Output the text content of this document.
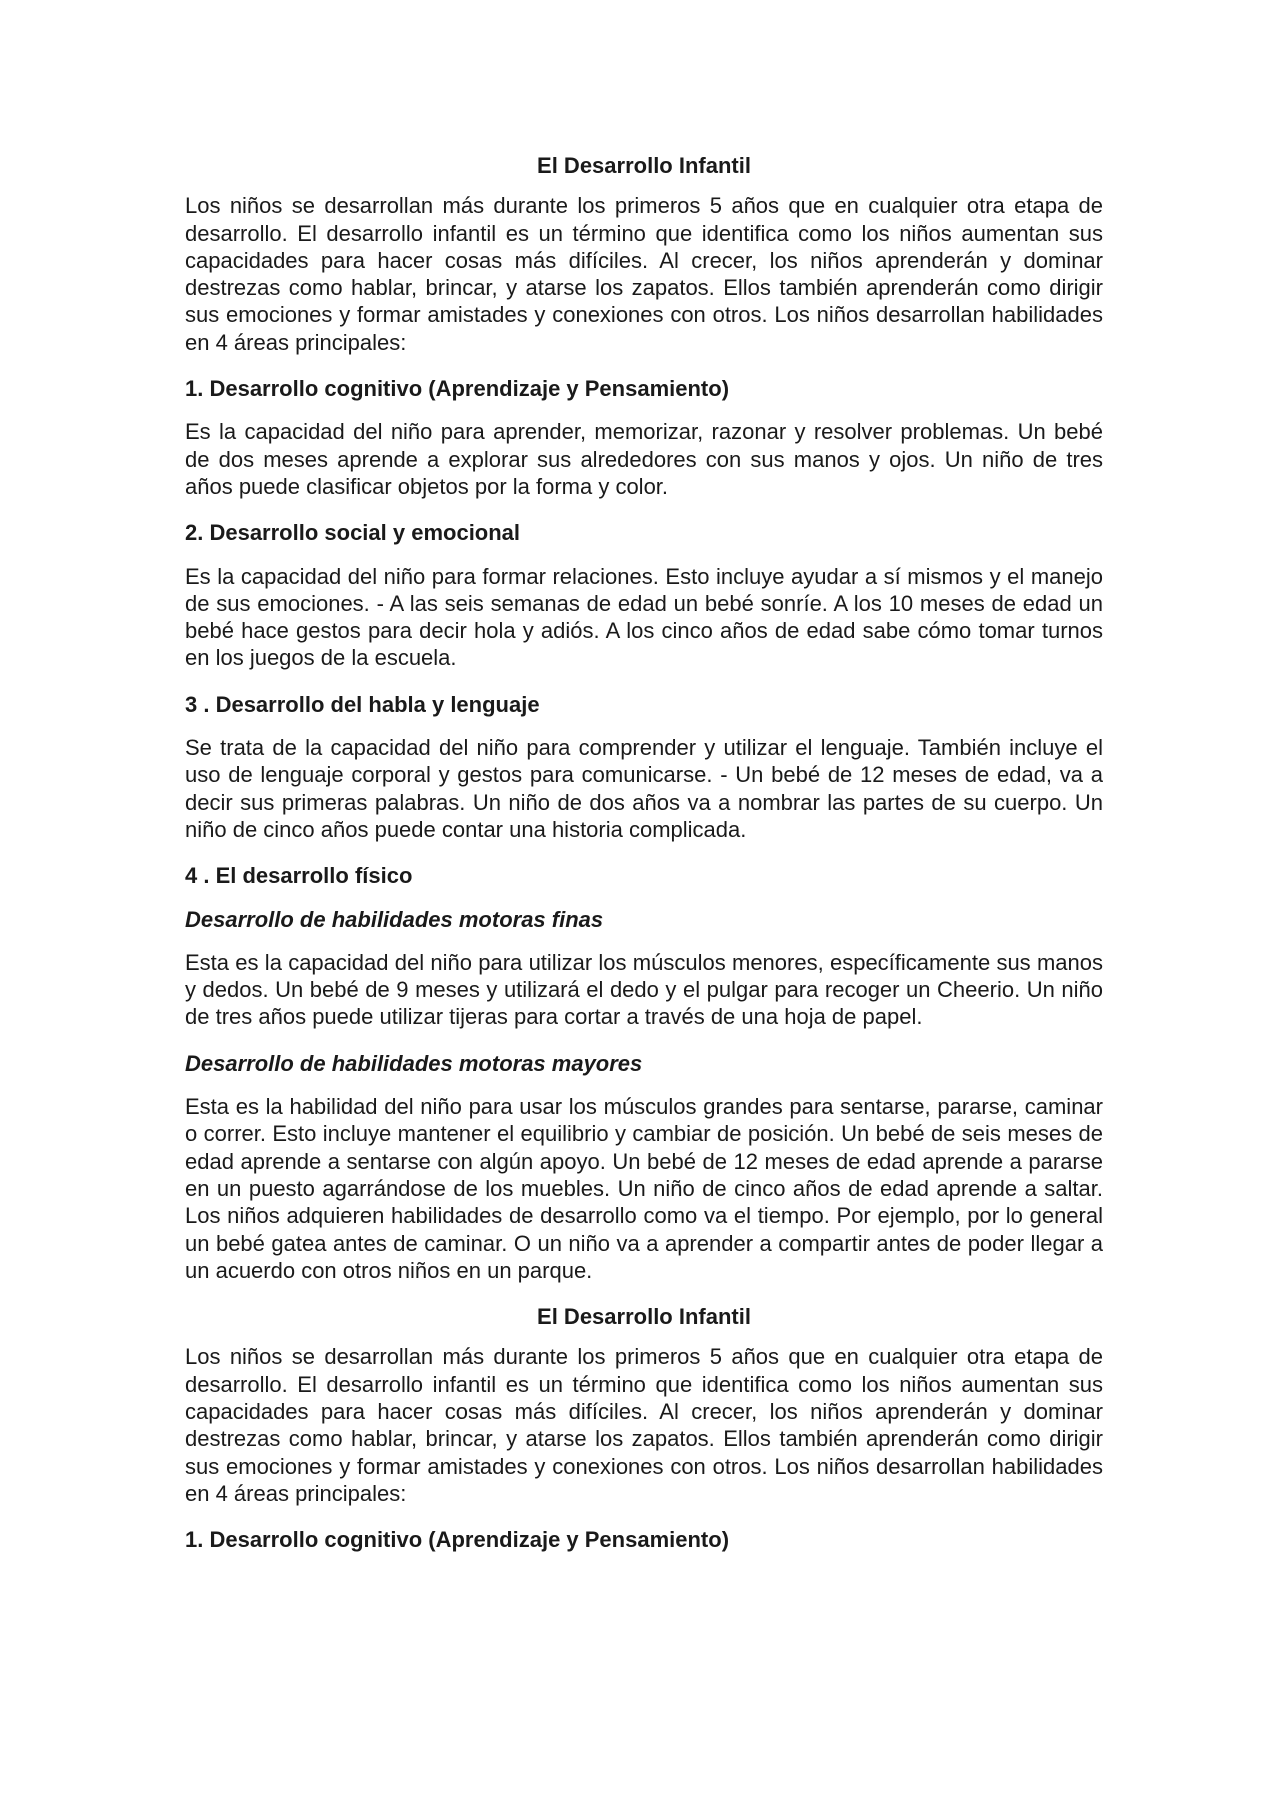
El Desarrollo Infantil

Los niños se desarrollan más durante los primeros 5 años que en cualquier otra etapa de desarrollo. El desarrollo infantil es un término que identifica como los niños aumentan sus capacidades para hacer cosas más difíciles. Al crecer, los niños aprenderán y dominar destrezas como hablar, brincar, y atarse los zapatos. Ellos también aprenderán como dirigir sus emociones y formar amistades y conexiones con otros. Los niños desarrollan habilidades en 4 áreas principales:

1. Desarrollo cognitivo (Aprendizaje y Pensamiento)

Es la capacidad del niño para aprender, memorizar, razonar y resolver problemas. Un bebé de dos meses aprende a explorar sus alrededores con sus manos y ojos. Un niño de tres años puede clasificar objetos por la forma y color.

2. Desarrollo social y emocional

Es la capacidad del niño para formar relaciones. Esto incluye ayudar a sí mismos y el manejo de sus emociones. - A las seis semanas de edad un bebé sonríe. A los 10 meses de edad un bebé hace gestos para decir hola y adiós. A los cinco años de edad sabe cómo tomar turnos en los juegos de la escuela.

3 . Desarrollo del habla y lenguaje

Se trata de la capacidad del niño para comprender y utilizar el lenguaje. También incluye el uso de lenguaje corporal y gestos para comunicarse. - Un bebé de 12 meses de edad, va a decir sus primeras palabras. Un niño de dos años va a nombrar las partes de su cuerpo. Un niño de cinco años puede contar una historia complicada.

4 . El desarrollo físico
Desarrollo de habilidades motoras finas

Esta es la capacidad del niño para utilizar los músculos menores, específicamente sus manos y dedos. Un bebé de 9 meses y utilizará el dedo y el pulgar para recoger un Cheerio. Un niño de tres años puede utilizar tijeras para cortar a través de una hoja de papel.

Desarrollo de habilidades motoras mayores

Esta es la habilidad del niño para usar los músculos grandes para sentarse, pararse, caminar o correr. Esto incluye mantener el equilibrio y cambiar de posición. Un bebé de seis meses de edad aprende a sentarse con algún apoyo. Un bebé de 12 meses de edad aprende a pararse en un puesto agarrándose de los muebles. Un niño de cinco años de edad aprende a saltar. Los niños adquieren habilidades de desarrollo como va el tiempo. Por ejemplo, por lo general un bebé gatea antes de caminar. O un niño va a aprender a compartir antes de poder llegar a un acuerdo con otros niños en un parque.

El Desarrollo Infantil

Los niños se desarrollan más durante los primeros 5 años que en cualquier otra etapa de desarrollo. El desarrollo infantil es un término que identifica como los niños aumentan sus capacidades para hacer cosas más difíciles. Al crecer, los niños aprenderán y dominar destrezas como hablar, brincar, y atarse los zapatos. Ellos también aprenderán como dirigir sus emociones y formar amistades y conexiones con otros. Los niños desarrollan habilidades en 4 áreas principales:

1. Desarrollo cognitivo (Aprendizaje y Pensamiento)
